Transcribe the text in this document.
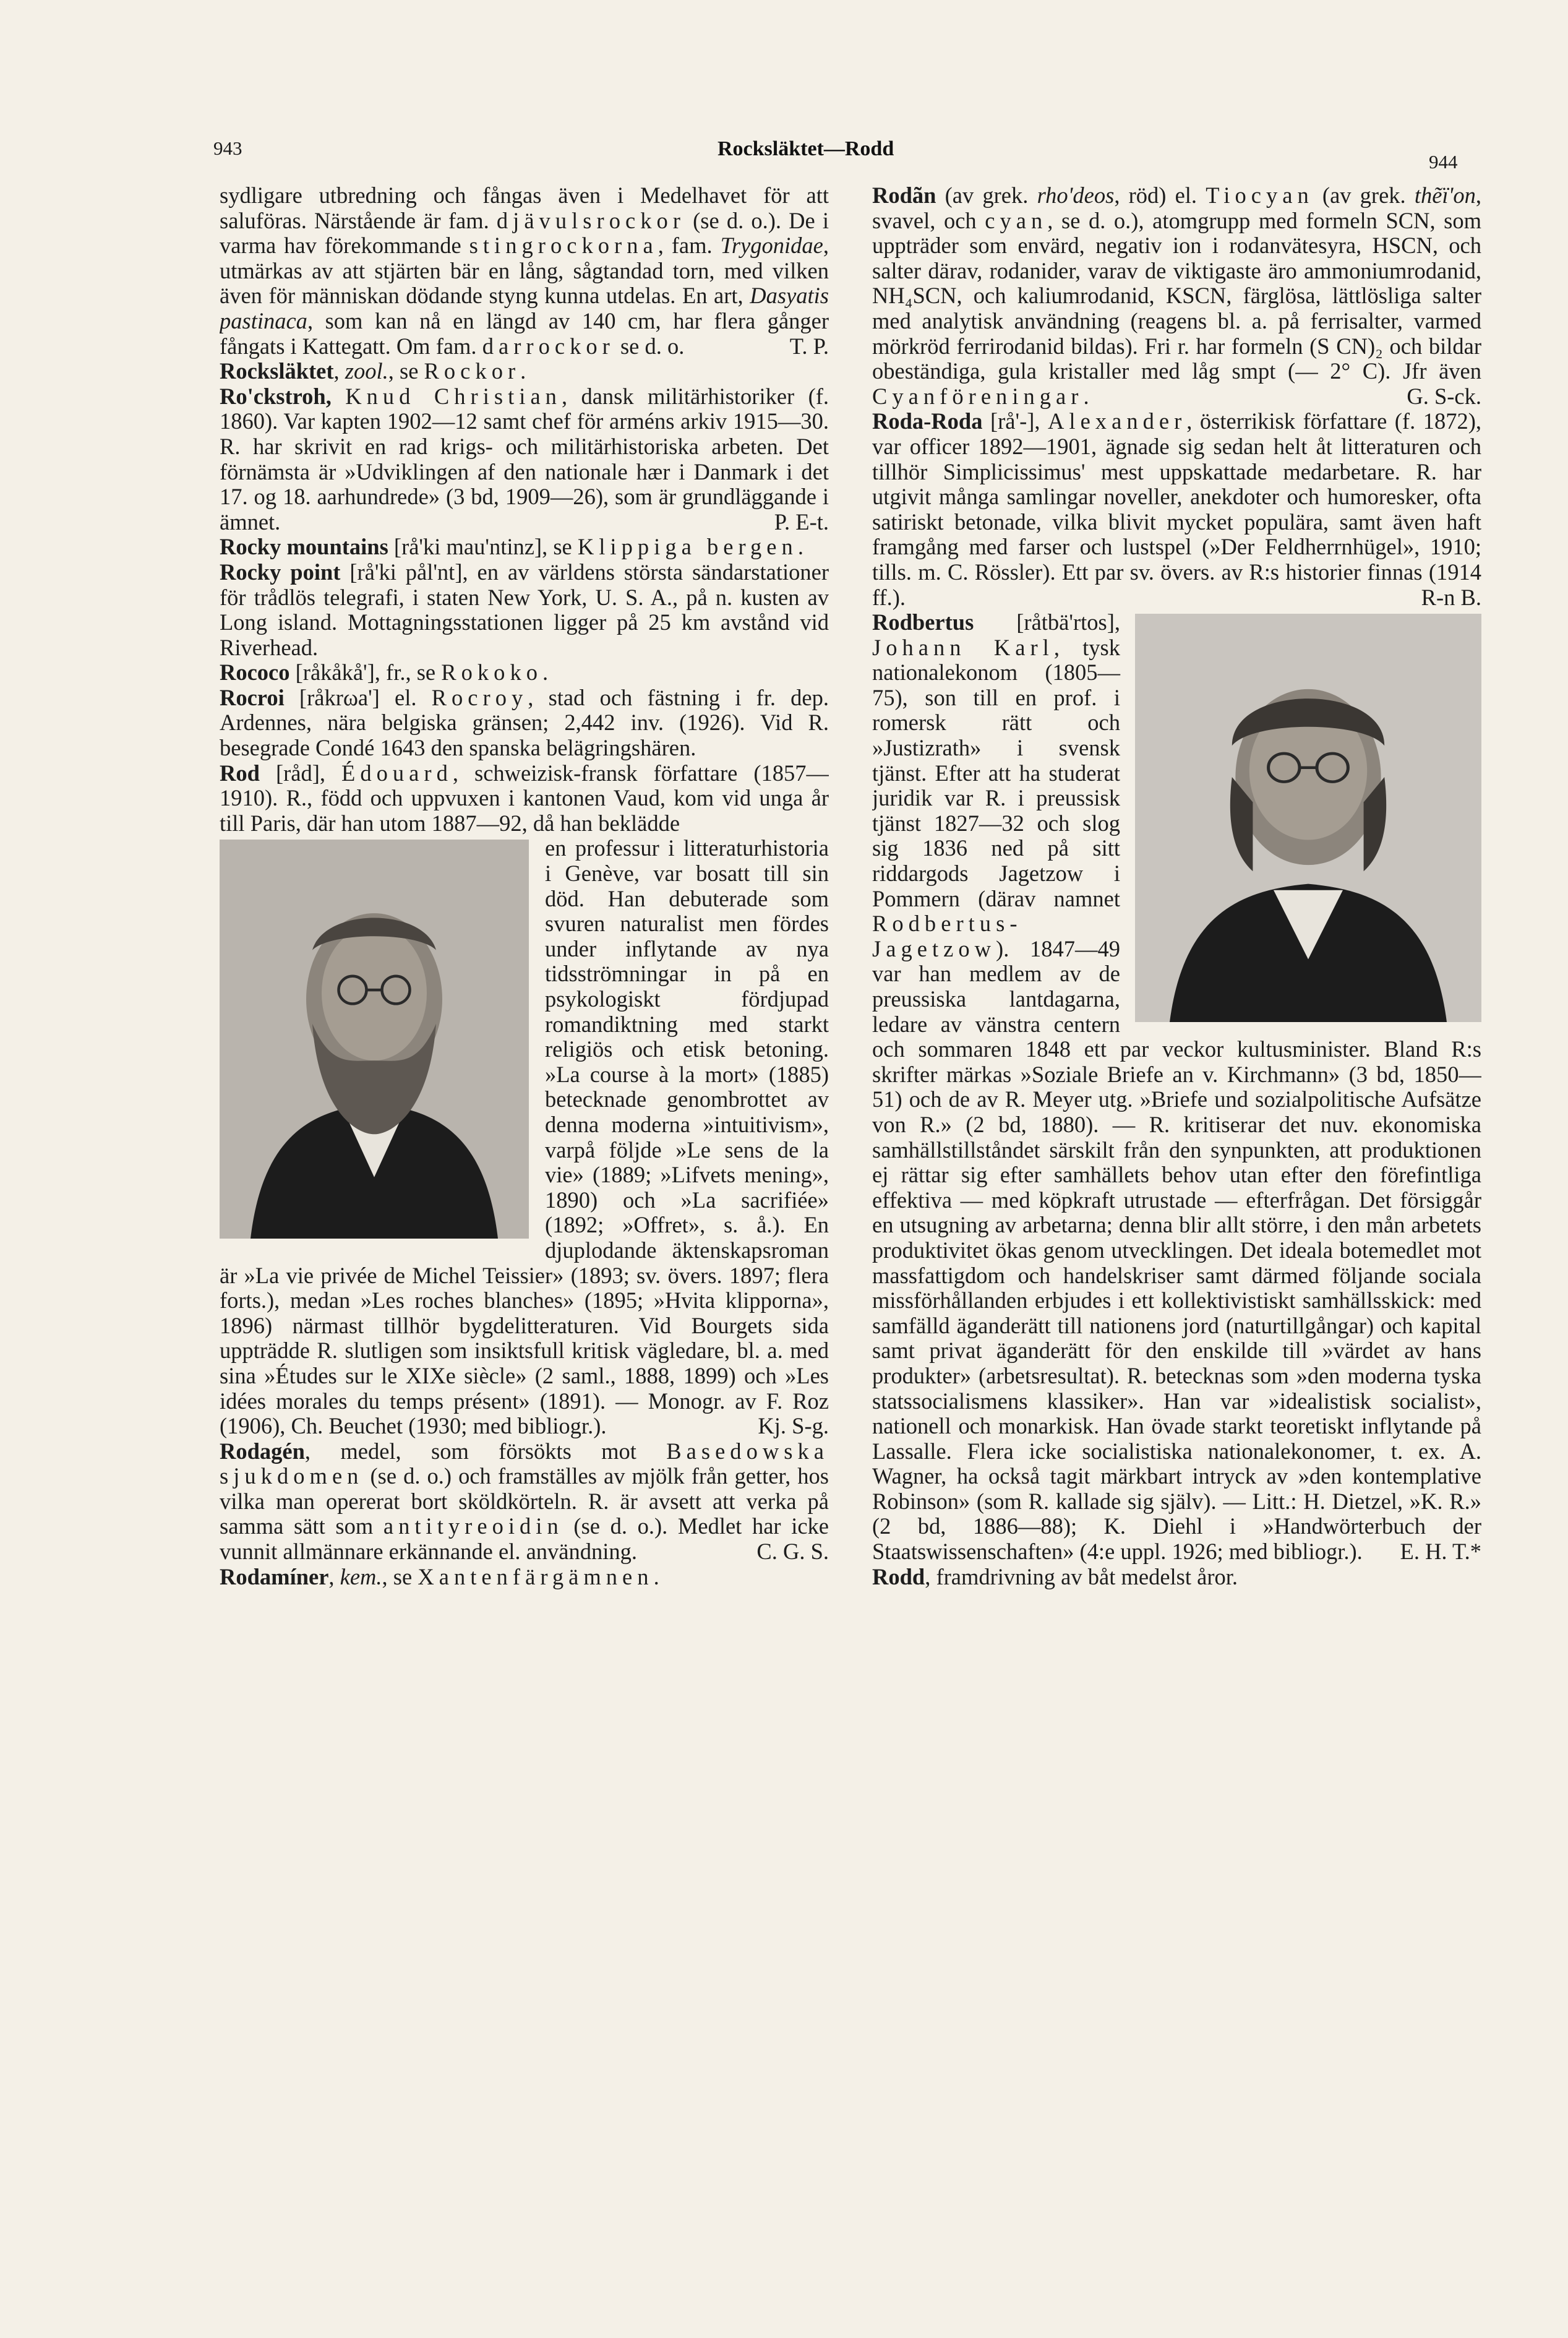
943	Rocksläktet—Rodd
944

sydligare utbredning och fångas även i Medelhavet för att saluföras. Närstående är fam. djävulsrockor (se d. o.). De i varma hav förekommande stingrockorna, fam. Trygonidae, utmärkas av att stjärten bär en lång, sågtandad torn, med vilken även för människan dödande styng kunna utdelas. En art, Dasyatis pastinaca, som kan nå en längd av 140 cm, har flera gånger fångats i Kattegatt. Om fam. darrockor se d. o.	T. P.

Rocksläktet, zool., se Rockor.

Ro'ckstroh, Knud Christian, dansk militärhistoriker (f. 1860). Var kapten 1902—12 samt chef för arméns arkiv 1915—30. R. har skrivit en rad krigs- och militärhistoriska arbeten. Det förnämsta är »Udviklingen af den nationale hær i Danmark i det 17. og 18. aarhundrede» (3 bd, 1909—26), som är grundläggande i ämnet.	P. E-t.

Rocky mountains [rå'ki mau'ntinz], se Klippiga bergen.

Rocky point [rå'ki pål'nt], en av världens största sändarstationer för trådlös telegrafi, i staten New York, U. S. A., på n. kusten av Long island. Mottagningsstationen ligger på 25 km avstånd vid Riverhead.

Rococo [råkåkå'], fr., se Rokoko.

Rocroi [råkrωa'] el. Rocroy, stad och fästning i fr. dep. Ardennes, nära belgiska gränsen; 2,442 inv. (1926). Vid R. besegrade Condé 1643 den spanska belägringshären.

Rod [råd], Édouard, schweizisk-fransk författare (1857—1910). R., född och uppvuxen i kantonen Vaud, kom vid unga år till Paris, där han utom 1887—92, då han beklädde

en professur i litteraturhistoria i Genève, var bosatt till sin död. Han debuterade som svuren naturalist men fördes under inflytande av nya tidsströmningar in på en psykologiskt fördjupad romandiktning med starkt religiös och etisk betoning. »La course à la mort» (1885) betecknade genombrottet av denna moderna »intuitivism», varpå följde »Le sens de la vie» (1889; »Lifvets mening», 1890) och »La sacrifiée» (1892; »Offret», s. å.). En djuplodande äktenskapsroman är »La vie privée de Michel Teissier» (1893; sv. övers. 1897; flera forts.), medan »Les roches blanches» (1895; »Hvita klipporna», 1896) närmast tillhör bygdelitteraturen. Vid Bourgets sida uppträdde R. slutligen som insiktsfull kritisk vägledare, bl. a. med sina »Études sur le XIXe siècle» (2 saml., 1888, 1899) och »Les idées morales du temps présent» (1891). — Monogr. av F. Roz (1906), Ch. Beuchet (1930; med bibliogr.).	Kj. S-g.

Rodagén, medel, som försökts mot Basedowska sjukdomen (se d. o.) och framställes av mjölk från getter, hos vilka man opererat bort sköldkörteln. R. är avsett att verka på samma sätt som antityreoidin (se d. o.). Medlet har icke vunnit allmännare erkännande el. användning.	C. G. S.

Rodamíner, kem., se Xantenfärgämnen.

Rodãn (av grek. rho'deos, röd) el. Tiocyan (av grek. thẽï'on, svavel, och cyan, se d. o.), atomgrupp med formeln SCN, som uppträder som envärd, negativ ion i rodanvätesyra, HSCN, och salter därav, rodanider, varav de viktigaste äro ammoniumrodanid, NH₄SCN, och kaliumrodanid, KSCN, färglösa, lättlösliga salter med analytisk användning (reagens bl. a. på ferrisalter, varmed mörkröd ferrirodanid bildas). Fri r. har formeln (S CN)₂ och bildar obeständiga, gula kristaller med låg smpt (— 2° C). Jfr även Cyanföreningar.	G. S-ck.

Roda-Roda [rå'-], Alexander, österrikisk författare (f. 1872), var officer 1892—1901, ägnade sig sedan helt åt litteraturen och tillhör Simplicissimus' mest uppskattade medarbetare. R. har utgivit många samlingar noveller, anekdoter och humoresker, ofta satiriskt betonade, vilka blivit mycket populära, samt även haft framgång med farser och lustspel (»Der Feldherrnhügel», 1910; tills. m. C. Rössler). Ett par sv. övers. av R:s historier finnas (1914 ff.).	R-n B.

Rodbertus [råtbä'rtos], Johann Karl, tysk nationalekonom (1805—75), son till en prof. i romersk rätt och »Justizrath» i svensk tjänst. Efter att ha studerat juridik var R. i preussisk tjänst 1827—32 och slog sig 1836 ned på sitt riddargods Jagetzow i Pommern (därav namnet Rodbertus-Jagetzow). 1847—49 var han medlem av de preussiska lantdagarna, ledare av vänstra centern och sommaren 1848 ett par veckor kultusminister. Bland R:s skrifter märkas »Soziale Briefe an v. Kirchmann» (3 bd, 1850—51) och de av R. Meyer utg. »Briefe und sozialpolitische Aufsätze von R.» (2 bd, 1880). — R. kritiserar det nuv. ekonomiska samhällstillståndet särskilt från den synpunkten, att produktionen ej rättar sig efter samhällets behov utan efter den förefintliga effektiva — med köpkraft utrustade — efterfrågan. Det försiggår en utsugning av arbetarna; denna blir allt större, i den mån arbetets produktivitet ökas genom utvecklingen. Det ideala botemedlet mot massfattigdom och handelskriser samt därmed följande sociala missförhållanden erbjudes i ett kollektivistiskt samhällsskick: med samfälld äganderätt till nationens jord (naturtillgångar) och kapital samt privat äganderätt för den enskilde till »värdet av hans produkter» (arbetsresultat). R. betecknas som »den moderna tyska statssocialismens klassiker». Han var »idealistisk socialist», nationell och monarkisk. Han övade starkt teoretiskt inflytande på Lassalle. Flera icke socialistiska nationalekonomer, t. ex. A. Wagner, ha också tagit märkbart intryck av »den kontemplative Robinson» (som R. kallade sig själv). — Litt.: H. Dietzel, »K. R.» (2 bd, 1886—88); K. Diehl i »Handwörterbuch der Staatswissenschaften» (4:e uppl. 1926; med bibliogr.).	E. H. T.*

Rodd, framdrivning av båt medelst åror.
